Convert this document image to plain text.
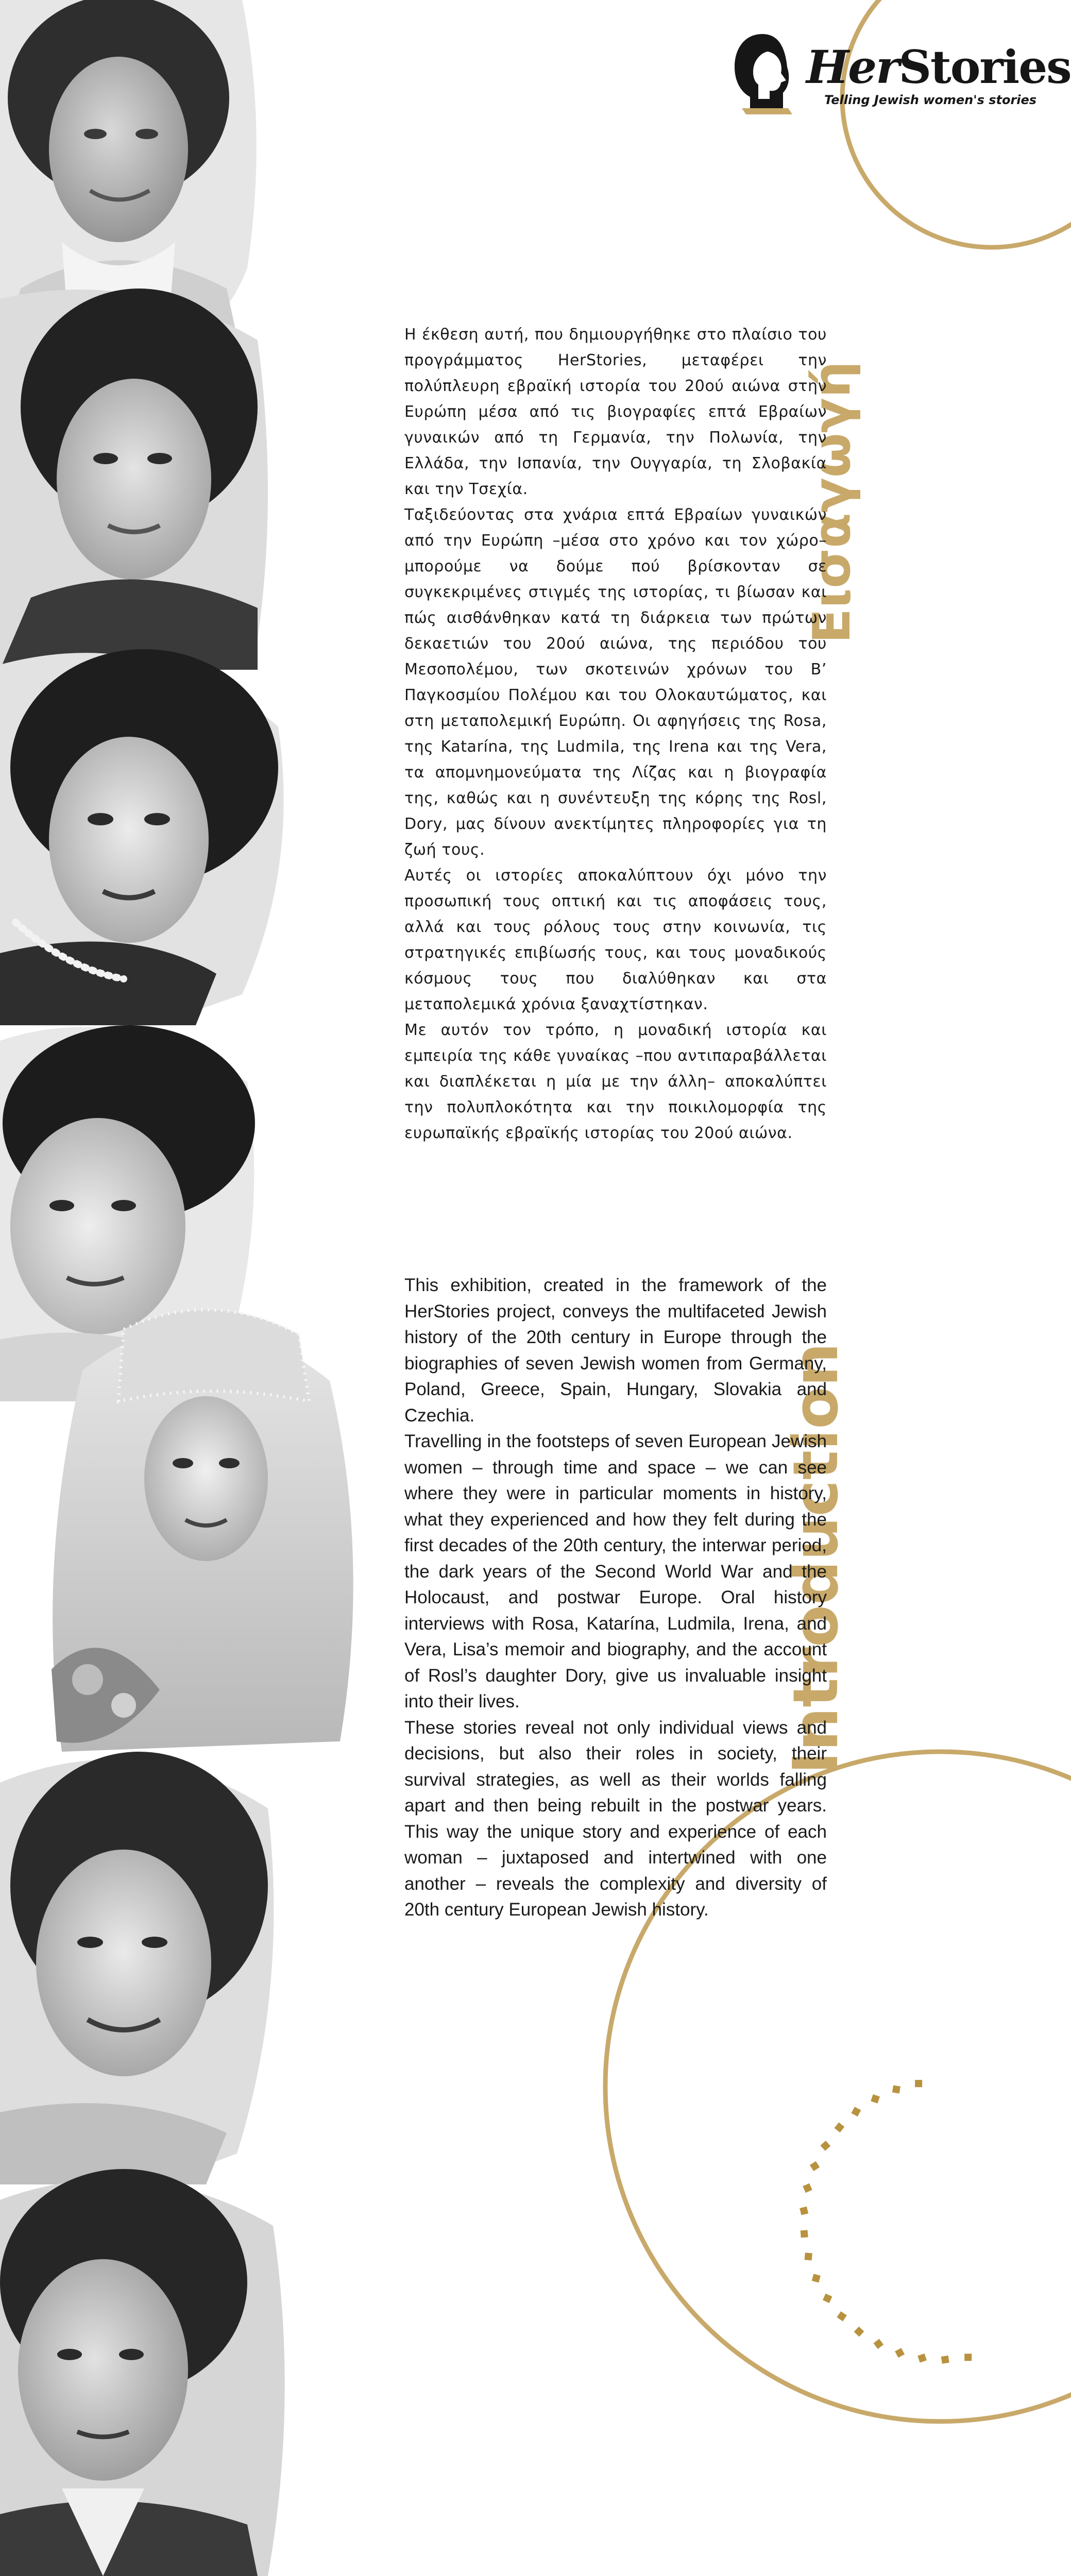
HerStories
Telling Jewish women's stories
Εισαγωγή
Introduction

Η έκθεση αυτή, που δημιουργήθηκε στο πλαίσιο του προγράμματος HerStories, μεταφέρει την πολύπλευρη εβραϊκή ιστορία του 20ού αιώνα στην Ευρώπη μέσα από τις βιογραφίες επτά Εβραίων γυναικών από τη Γερμανία, την Πολωνία, την Ελλάδα, την Ισπανία, την Ουγγαρία, τη Σλοβακία και την Τσεχία.

Ταξιδεύοντας στα χνάρια επτά Εβραίων γυναικών από την Ευρώπη –μέσα στο χρόνο και τον χώρο– μπορούμε να δούμε πού βρίσκονταν σε συγκεκριμένες στιγμές της ιστορίας, τι βίωσαν και πώς αισθάνθηκαν κατά τη διάρκεια των πρώτων δεκαετιών του 20ού αιώνα, της περιόδου του Μεσοπολέμου, των σκοτεινών χρόνων του Β’ Παγκοσμίου Πολέμου και του Ολοκαυτώματος, και στη μεταπολεμική Ευρώπη. Οι αφηγήσεις της Rosa, της Katarína, της Ludmila, της Irena και της Vera, τα απομνημονεύματα της Λίζας και η βιογραφία της, καθώς και η συνέντευξη της κόρης της Rosl, Dory, μας δίνουν ανεκτίμητες πληροφορίες για τη ζωή τους.

Αυτές οι ιστορίες αποκαλύπτουν όχι μόνο την προσωπική τους οπτική και τις αποφάσεις τους, αλλά και τους ρόλους τους στην κοινωνία, τις στρατηγικές επιβίωσής τους, και τους μοναδικούς κόσμους τους που διαλύθηκαν και στα μεταπολεμικά χρόνια ξαναχτίστηκαν.

Με αυτόν τον τρόπο, η μοναδική ιστορία και εμπειρία της κάθε γυναίκας –που αντιπαραβάλλεται και διαπλέκεται η μία με την άλλη– αποκαλύπτει την πολυπλοκότητα και την ποικιλομορφία της ευρωπαϊκής εβραϊκής ιστορίας του 20ού αιώνα.

This exhibition, created in the framework of the HerStories project, conveys the multifaceted Jewish history of the 20th century in Europe through the biographies of seven Jewish women from Germany, Poland, Greece, Spain, Hungary, Slovakia and Czechia.

Travelling in the footsteps of seven European Jewish women – through time and space – we can see where they were in particular moments in history, what they experienced and how they felt during the first decades of the 20th century, the interwar period, the dark years of the Second World War and the Holocaust, and postwar Europe. Oral history interviews with Rosa, Katarína, Ludmila, Irena, and Vera, Lisa’s memoir and biography, and the account of Rosl’s daughter Dory, give us invaluable insight into their lives.

These stories reveal not only individual views and decisions, but also their roles in society, their survival strategies, as well as their worlds falling apart and then being rebuilt in the postwar years. This way the unique story and experience of each woman – juxtaposed and intertwined with one another – reveals the complexity and diversity of 20th century European Jewish history.
